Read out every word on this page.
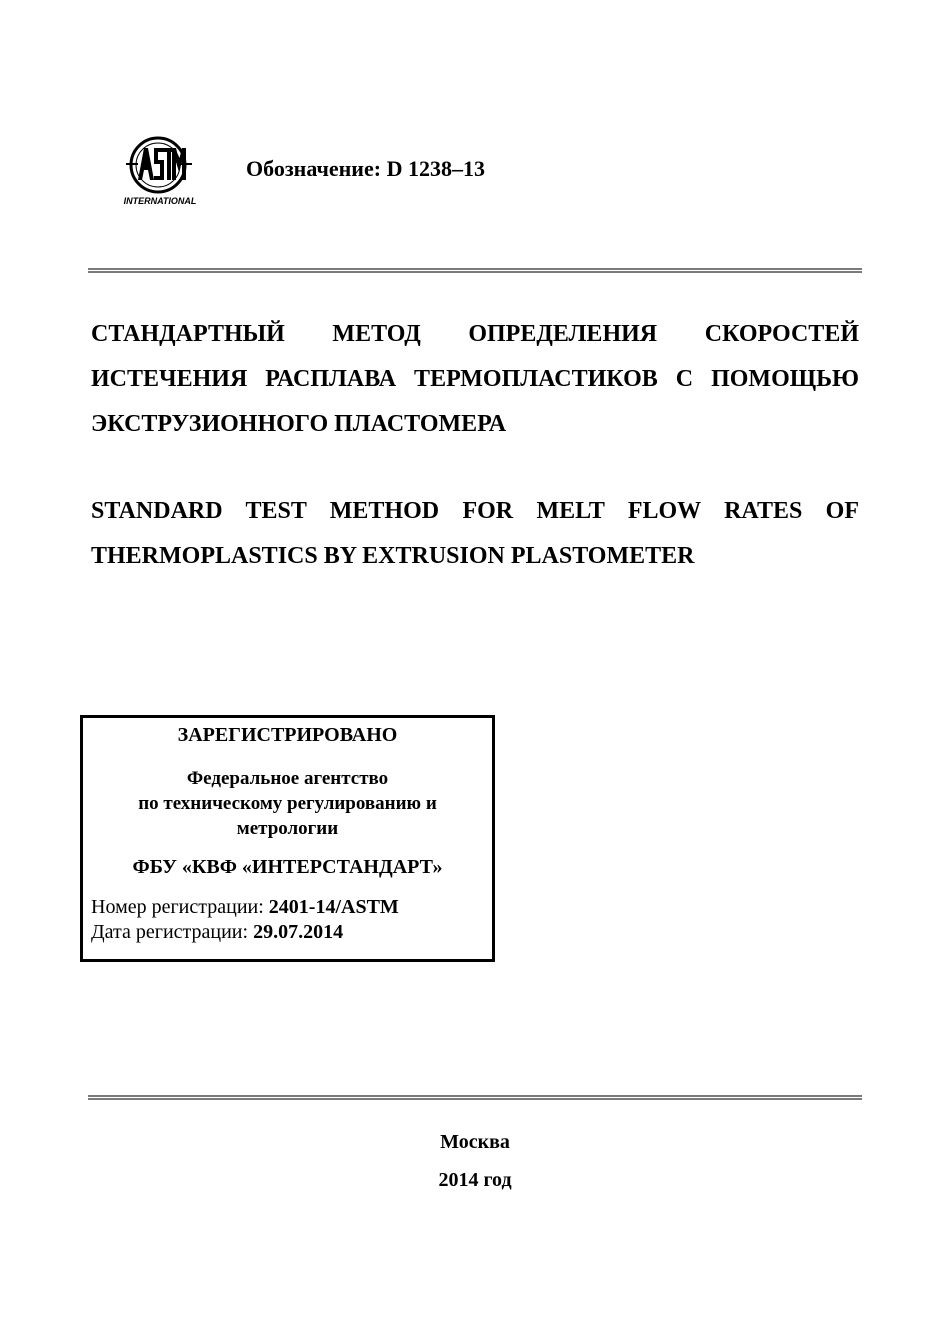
INTERNATIONAL
Обозначение: D 1238–13
СТАНДАРТНЫЙ МЕТОД ОПРЕДЕЛЕНИЯ СКОРОСТЕЙ ИСТЕЧЕНИЯ РАСПЛАВА ТЕРМОПЛАСТИКОВ С ПОМОЩЬЮ ЭКСТРУЗИОННОГО ПЛАСТОМЕРА
STANDARD TEST METHOD FOR MELT FLOW RATES OF THERMOPLASTICS BY EXTRUSION PLASTOMETER
ЗАРЕГИСТРИРОВАНО
Федеральное агентство
по техническому регулированию и
метрологии
ФБУ «КВФ «ИНТЕРСТАНДАРТ»
Номер регистрации: 2401-14/ASTM
Дата регистрации: 29.07.2014
Москва
2014 год
